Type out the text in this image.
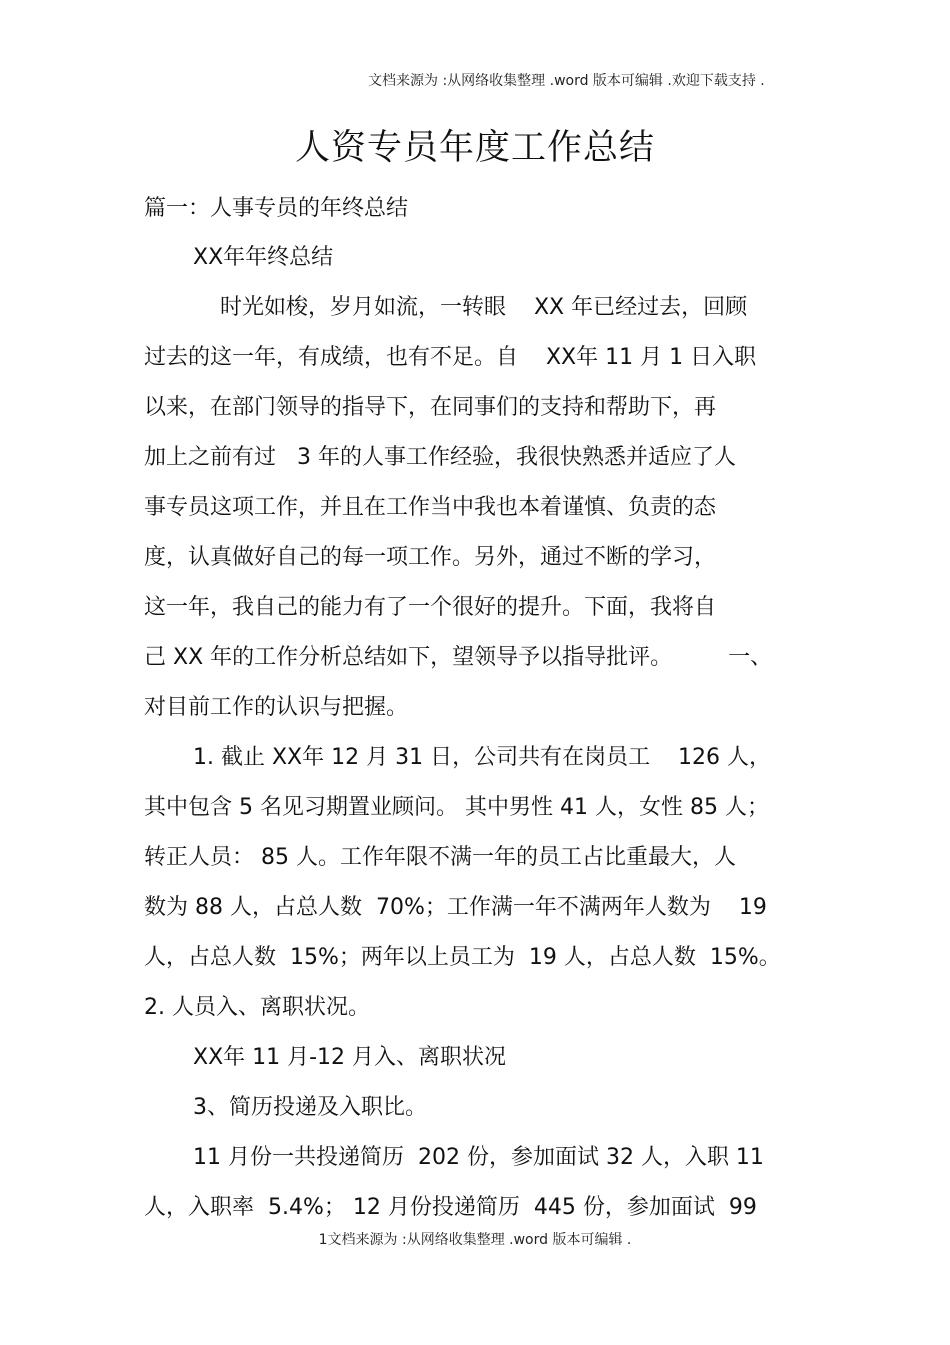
文档来源为 :从网络收集整理 .word 版本可编辑 .欢迎下载支持 .
人资专员年度工作总结
篇一：人事专员的年终总结
XX年年终总结
时光如梭，岁月如流，一转眼    XX 年已经过去，回顾
过去的这一年，有成绩，也有不足。自    XX年 11 月 1 日入职
以来，在部门领导的指导下，在同事们的支持和帮助下，再
加上之前有过   3 年的人事工作经验，我很快熟悉并适应了人
事专员这项工作，并且在工作当中我也本着谨慎、负责的态
度，认真做好自己的每一项工作。另外，通过不断的学习，
这一年，我自己的能力有了一个很好的提升。下面，我将自
己 XX 年的工作分析总结如下，望领导予以指导批评。        一、
对目前工作的认识与把握。
1. 截止 XX年 12 月 31 日，公司共有在岗员工    126 人，
其中包含 5 名见习期置业顾问。 其中男性 41 人，女性 85 人；
转正人员： 85 人。工作年限不满一年的员工占比重最大，人
数为 88 人，占总人数  70%；工作满一年不满两年人数为    19
人，占总人数  15%；两年以上员工为  19 人，占总人数  15%。
2. 人员入、离职状况。
XX年 11 月-12 月入、离职状况
3、简历投递及入职比。
11 月份一共投递简历  202 份，参加面试 32 人，入职 11
人，入职率  5.4%； 12 月份投递简历  445 份，参加面试  99
1文档来源为 :从网络收集整理 .word 版本可编辑 .
